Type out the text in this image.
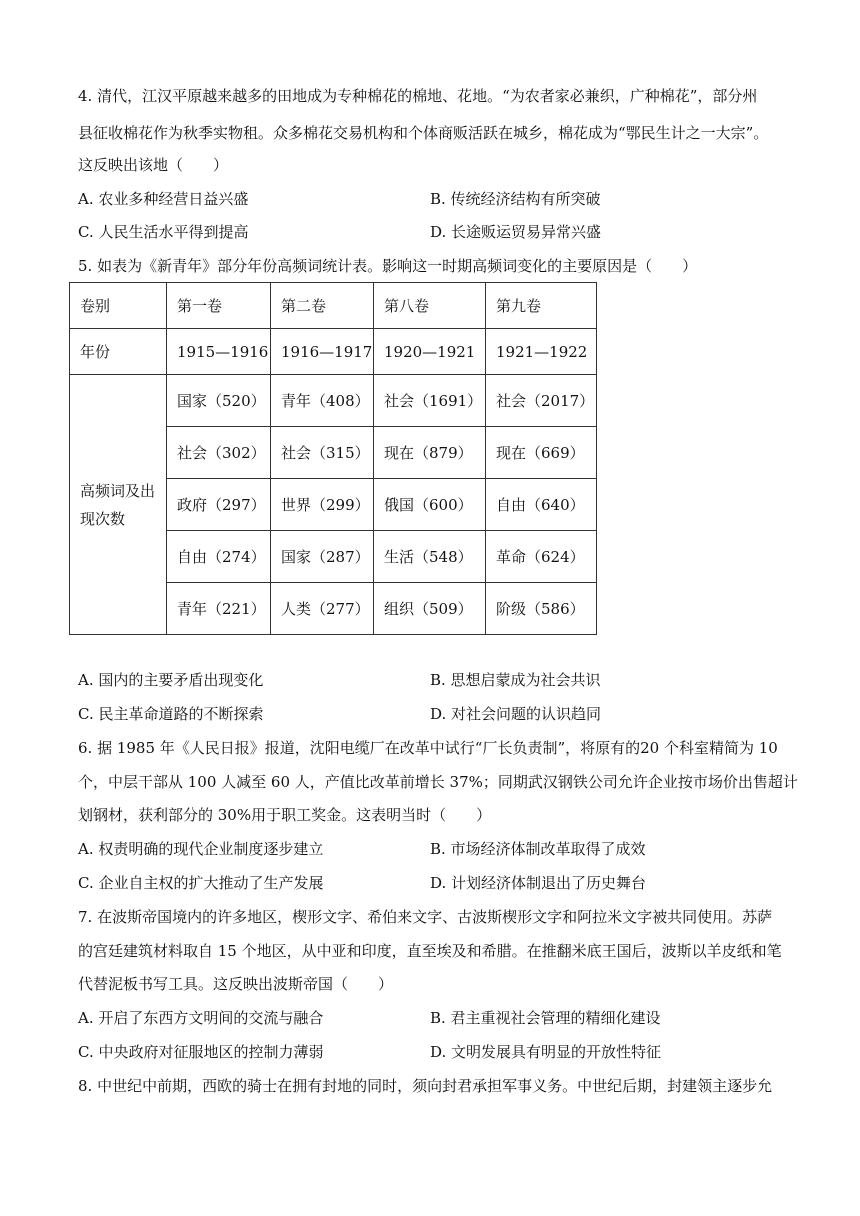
4. 清代，江汉平原越来越多的田地成为专种棉花的棉地、花地。“为农者家必兼织，广种棉花”，部分州
县征收棉花作为秋季实物租。众多棉花交易机构和个体商贩活跃在城乡，棉花成为“鄂民生计之一大宗”。
这反映出该地（　　）
A. 农业多种经营日益兴盛	B. 传统经济结构有所突破
C. 人民生活水平得到提高	D. 长途贩运贸易异常兴盛
5. 如表为《新青年》部分年份高频词统计表。影响这一时期高频词变化的主要原因是（　　）
卷别	第一卷	第二卷	第八卷	第九卷
年份	1915—1916	1916—1917	1920—1921	1921—1922
高频词及出现次数	国家（520）	青年（408）	社会（1691）	社会（2017）
	社会（302）	社会（315）	现在（879）	现在（669）
	政府（297）	世界（299）	俄国（600）	自由（640）
	自由（274）	国家（287）	生活（548）	革命（624）
	青年（221）	人类（277）	组织（509）	阶级（586）
A. 国内的主要矛盾出现变化	B. 思想启蒙成为社会共识
C. 民主革命道路的不断探索	D. 对社会问题的认识趋同
6. 据 1985 年《人民日报》报道，沈阳电缆厂在改革中试行“厂长负责制”，将原有的20 个科室精简为 10
个，中层干部从 100 人减至 60 人，产值比改革前增长 37%；同期武汉钢铁公司允许企业按市场价出售超计
划钢材，获利部分的 30%用于职工奖金。这表明当时（　　）
A. 权责明确的现代企业制度逐步建立	B. 市场经济体制改革取得了成效
C. 企业自主权的扩大推动了生产发展	D. 计划经济体制退出了历史舞台
7. 在波斯帝国境内的许多地区，楔形文字、希伯来文字、古波斯楔形文字和阿拉米文字被共同使用。苏萨
的宫廷建筑材料取自 15 个地区，从中亚和印度，直至埃及和希腊。在推翻米底王国后，波斯以羊皮纸和笔
代替泥板书写工具。这反映出波斯帝国（　　）
A. 开启了东西方文明间的交流与融合	B. 君主重视社会管理的精细化建设
C. 中央政府对征服地区的控制力薄弱	D. 文明发展具有明显的开放性特征
8. 中世纪中前期，西欧的骑士在拥有封地的同时，须向封君承担军事义务。中世纪后期，封建领主逐步允
